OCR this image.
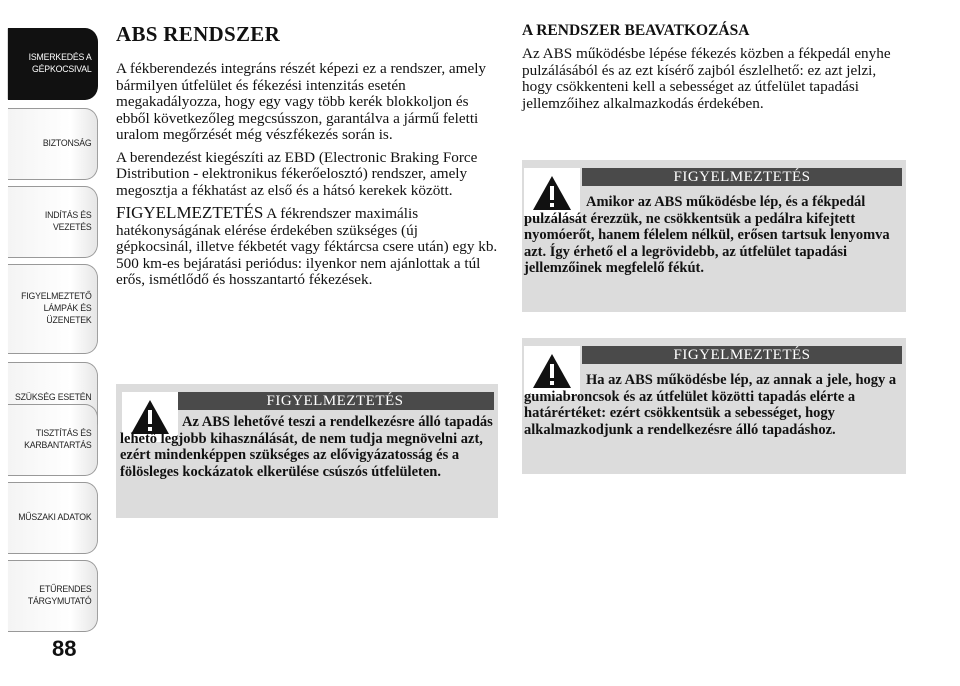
ISMERKEDÉS A
GÉPKOCSIVAL
BIZTONSÁG
INDÍTÁS ÉS
VEZETÉS
FIGYELMEZTETŐ
LÁMPÁK ÉS
ÜZENETEK
SZÜKSÉG ESETÉN
TISZTÍTÁS ÉS
KARBANTARTÁS
MŰSZAKI ADATOK
ETŰRENDES
TÁRGYMUTATÓ
88
ABS RENDSZER

A fékberendezés integráns részét képezi ez a rendszer, amely bármilyen útfelület és fékezési intenzitás esetén megakadályozza, hogy egy vagy több kerék blokkoljon és ebből következőleg megcsússzon, garantálva a jármű feletti uralom megőrzését még vészfékezés során is.

A berendezést kiegészíti az EBD (Electronic Braking Force Distribution - elektronikus fékerőelosztó) rendszer, amely megosztja a fékhatást az első és a hátsó kerekek között.

FIGYELMEZTETÉS A fékrendszer maximális hatékonyságának elérése érdekében szükséges (új gépkocsinál, illetve fékbetét vagy féktárcsa csere után) egy kb. 500 km-es bejáratási periódus: ilyenkor nem ajánlottak a túl erős, ismétlődő és hosszantartó fékezések.

FIGYELMEZTETÉS
Az ABS lehetővé teszi a rendelkezésre álló tapadás lehető legjobb kihasználását, de nem tudja megnövelni azt, ezért mindenképpen szükséges az elővigyázatosság és a fölösleges kockázatok elkerülése csúszós útfelületen.
A RENDSZER BEAVATKOZÁSA

Az ABS működésbe lépése fékezés közben a fékpedál enyhe pulzálásából és az ezt kísérő zajból észlelhető: ez azt jelzi, hogy csökkenteni kell a sebességet az útfelület tapadási jellemzőihez alkalmazkodás érdekében.

FIGYELMEZTETÉS
Amikor az ABS működésbe lép, és a fékpedál pulzálását érezzük, ne csökkentsük a pedálra kifejtett nyomóerőt, hanem félelem nélkül, erősen tartsuk lenyomva azt. Így érhető el a legrövidebb, az útfelület tapadási jellemzőinek megfelelő fékút.
FIGYELMEZTETÉS
Ha az ABS működésbe lép, az annak a jele, hogy a gumiabroncsok és az útfelület közötti tapadás elérte a határértéket: ezért csökkentsük a sebességet, hogy alkalmazkodjunk a rendelkezésre álló tapadáshoz.
